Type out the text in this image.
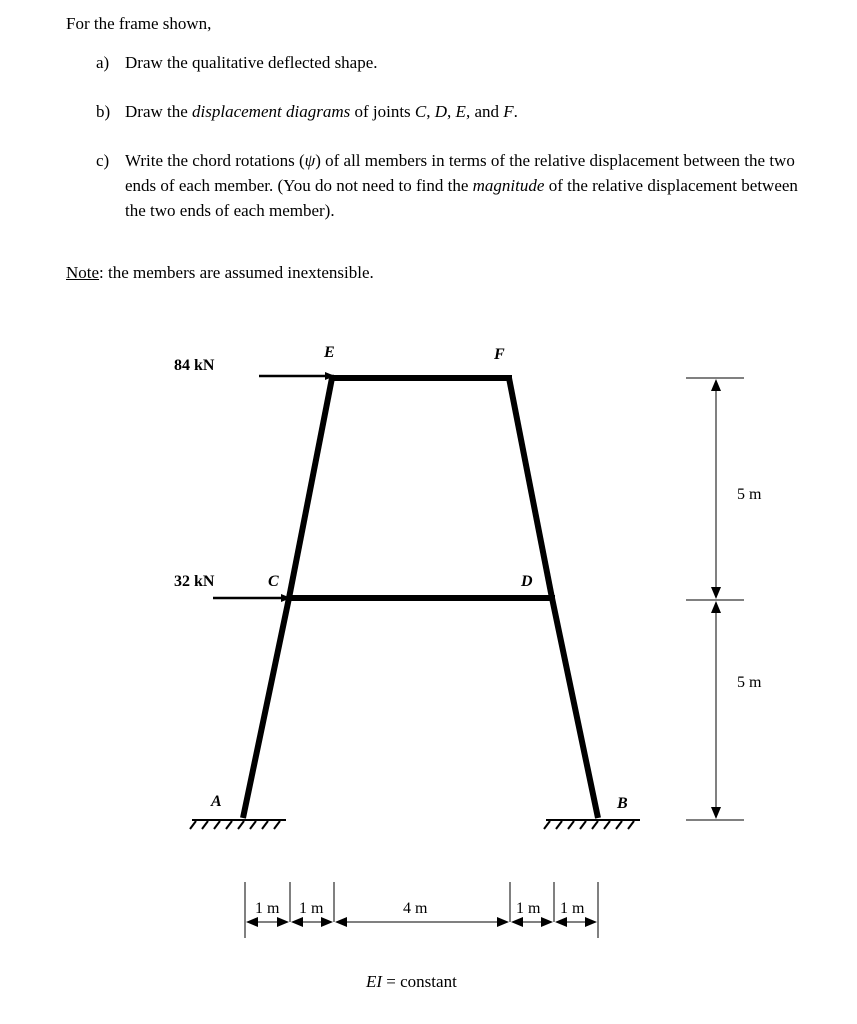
For the frame shown,
a) Draw the qualitative deflected shape.
b) Draw the displacement diagrams of joints C, D, E, and F.
c) Write the chord rotations (ψ) of all members in terms of the relative displacement between the two ends of each member. (You do not need to find the magnitude of the relative displacement between the two ends of each member).
Note: the members are assumed inextensible.
84 kN
32 kN
E	F
C	D
A	B
5 m
5 m
1 m 1 m	4 m	1 m 1 m
EI = constant
